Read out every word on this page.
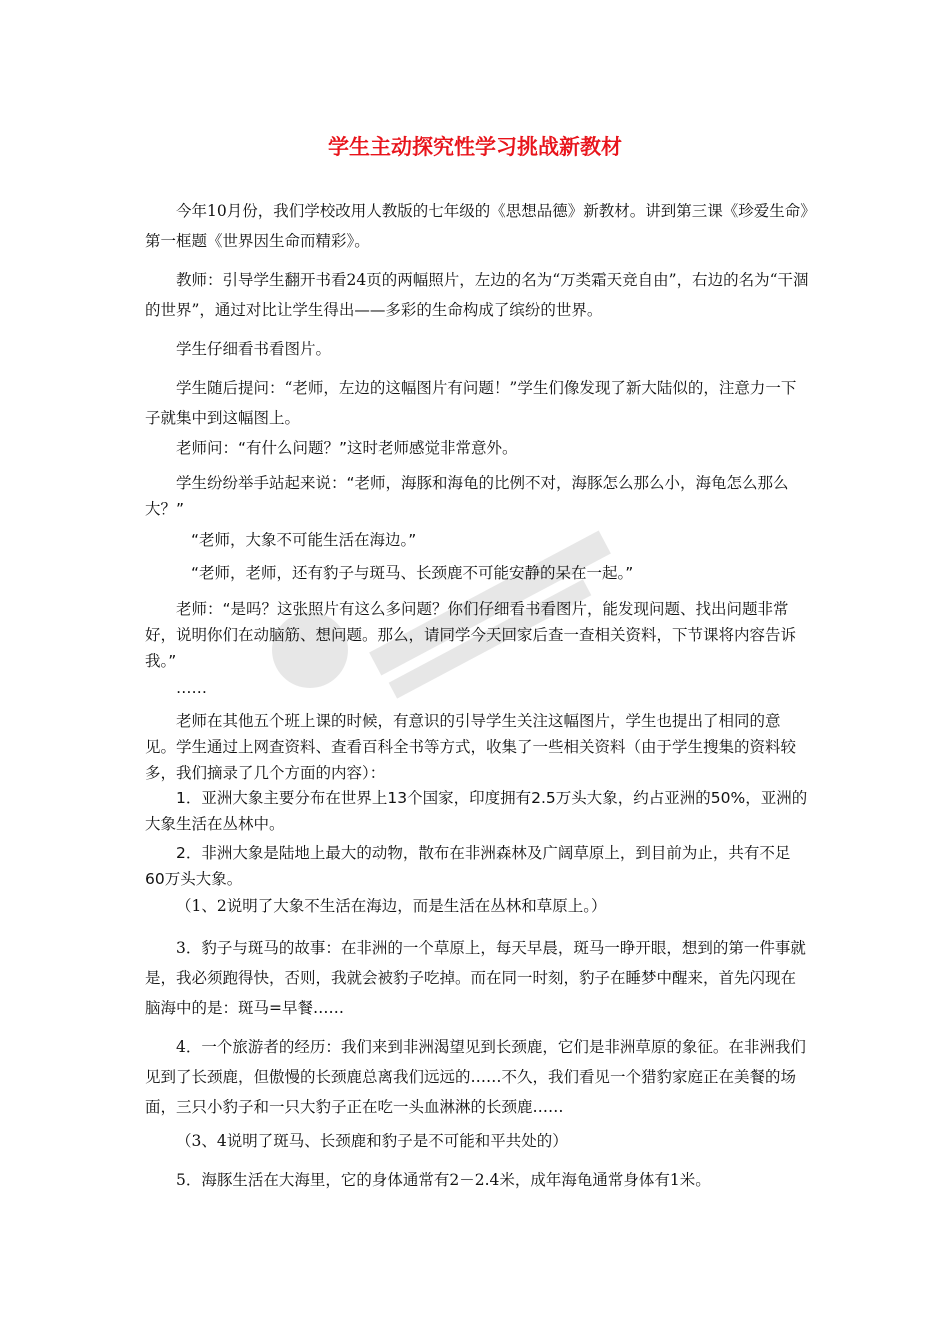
学生主动探究性学习挑战新教材

今年10月份，我们学校改用人教版的七年级的《思想品德》新教材。讲到第三课《珍爱生命》第一框题《世界因生命而精彩》。

教师：引导学生翻开书看24页的两幅照片，左边的名为“万类霜天竞自由”，右边的名为“干涸的世界”，通过对比让学生得出——多彩的生命构成了缤纷的世界。

学生仔细看书看图片。

学生随后提问：“老师，左边的这幅图片有问题！”学生们像发现了新大陆似的，注意力一下子就集中到这幅图上。

老师问：“有什么问题？”这时老师感觉非常意外。

学生纷纷举手站起来说：“老师，海豚和海龟的比例不对，海豚怎么那么小，海龟怎么那么大？”

“老师，大象不可能生活在海边。”

“老师，老师，还有豹子与斑马、长颈鹿不可能安静的呆在一起。”

老师：“是吗？这张照片有这么多问题？你们仔细看书看图片，能发现问题、找出问题非常好，说明你们在动脑筋、想问题。那么，请同学今天回家后查一查相关资料，下节课将内容告诉我。”

……

老师在其他五个班上课的时候，有意识的引导学生关注这幅图片，学生也提出了相同的意见。学生通过上网查资料、查看百科全书等方式，收集了一些相关资料（由于学生搜集的资料较多，我们摘录了几个方面的内容）：

1．亚洲大象主要分布在世界上13个国家，印度拥有2.5万头大象，约占亚洲的50%，亚洲的大象生活在丛林中。

2．非洲大象是陆地上最大的动物，散布在非洲森林及广阔草原上，到目前为止，共有不足60万头大象。

（1、2说明了大象不生活在海边，而是生活在丛林和草原上。）

3．豹子与斑马的故事：在非洲的一个草原上，每天早晨，斑马一睁开眼，想到的第一件事就是，我必须跑得快，否则，我就会被豹子吃掉。而在同一时刻，豹子在睡梦中醒来，首先闪现在脑海中的是：斑马=早餐……

4．一个旅游者的经历：我们来到非洲渴望见到长颈鹿，它们是非洲草原的象征。在非洲我们见到了长颈鹿，但傲慢的长颈鹿总离我们远远的……不久，我们看见一个猎豹家庭正在美餐的场面，三只小豹子和一只大豹子正在吃一头血淋淋的长颈鹿……

（3、4说明了斑马、长颈鹿和豹子是不可能和平共处的）

5．海豚生活在大海里，它的身体通常有2－2.4米，成年海龟通常身体有1米。
